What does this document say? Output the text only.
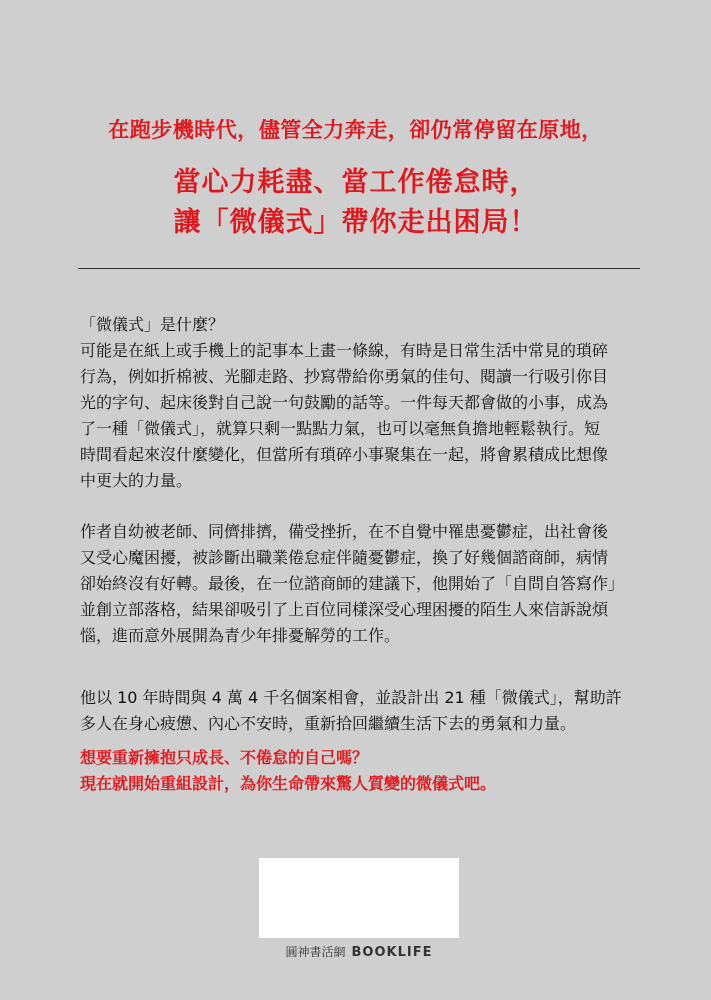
在跑步機時代，儘管全力奔走，卻仍常停留在原地，
當心力耗盡、當工作倦怠時，
讓「微儀式」帶你走出困局！

「微儀式」是什麼？
可能是在紙上或手機上的記事本上畫一條線，有時是日常生活中常見的瑣碎
行為，例如折棉被、光腳走路、抄寫帶給你勇氣的佳句、閱讀一行吸引你目
光的字句、起床後對自己說一句鼓勵的話等。一件每天都會做的小事，成為
了一種「微儀式」，就算只剩一點點力氣，也可以毫無負擔地輕鬆執行。短
時間看起來沒什麼變化，但當所有瑣碎小事聚集在一起，將會累積成比想像
中更大的力量。

作者自幼被老師、同儕排擠，備受挫折，在不自覺中罹患憂鬱症，出社會後
又受心魔困擾，被診斷出職業倦怠症伴隨憂鬱症，換了好幾個諮商師，病情
卻始終沒有好轉。最後，在一位諮商師的建議下，他開始了「自問自答寫作」
並創立部落格，結果卻吸引了上百位同樣深受心理困擾的陌生人來信訴說煩
惱，進而意外展開為青少年排憂解勞的工作。

他以 10 年時間與 4 萬 4 千名個案相會，並設計出 21 種「微儀式」，幫助許
多人在身心疲憊、內心不安時，重新拾回繼續生活下去的勇氣和力量。

想要重新擁抱只成長、不倦怠的自己嗎？
現在就開始重組設計，為你生命帶來驚人質變的微儀式吧。

圓神書活網 BOOKLIFE
